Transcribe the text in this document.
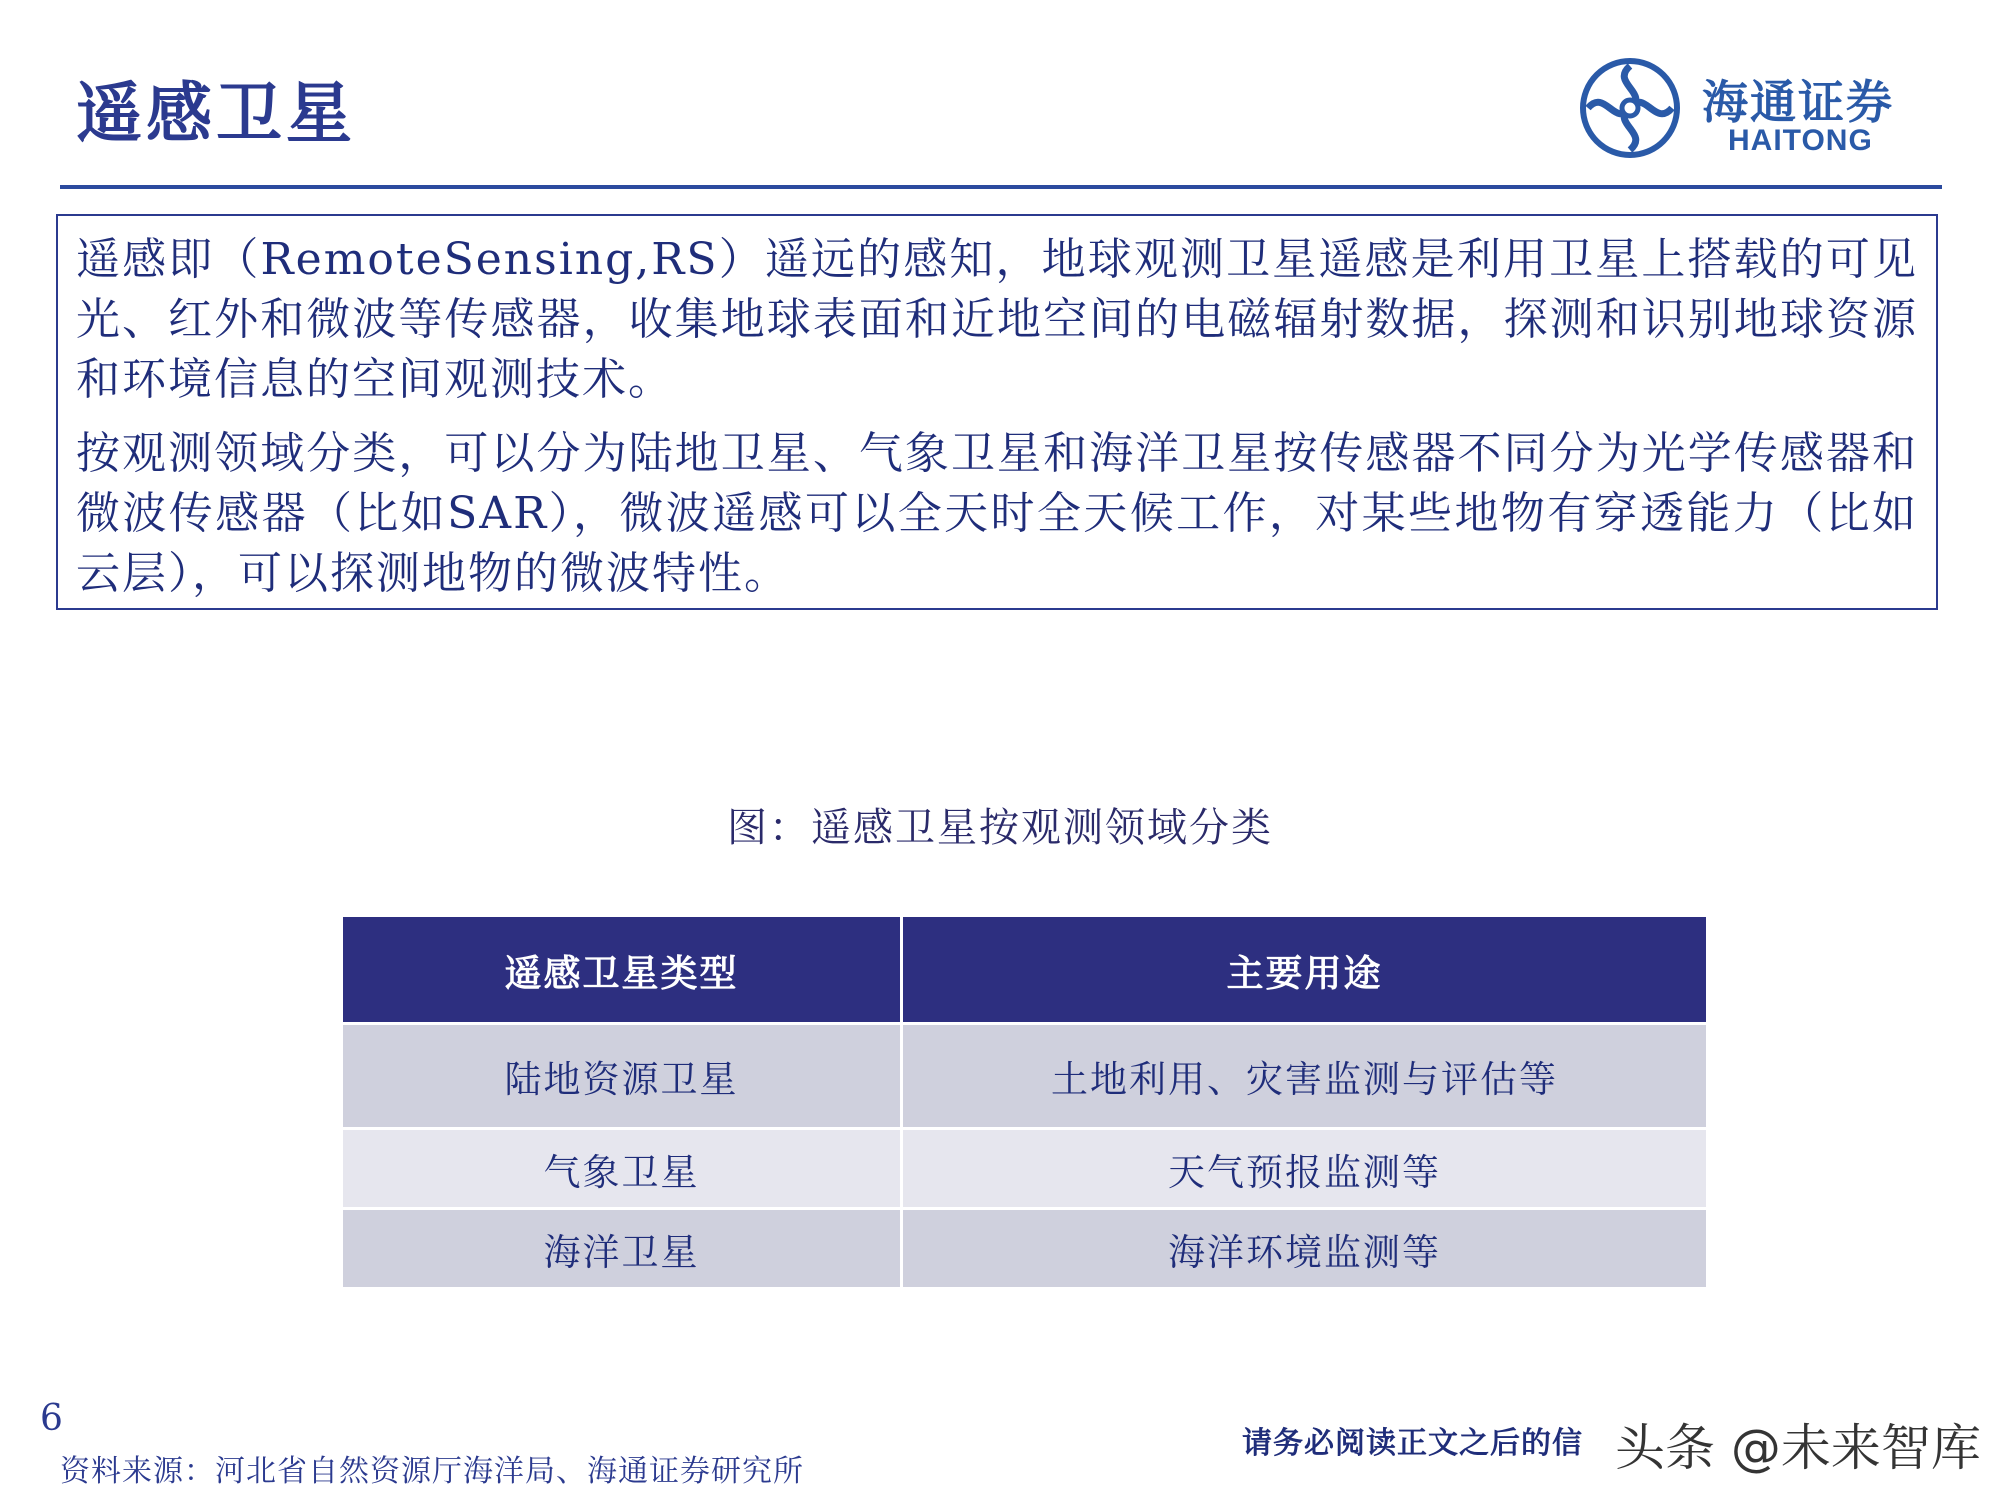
遥感卫星	海通证券
HAITONG

遥感即（RemoteSensing,RS）遥远的感知，地球观测卫星遥感是利用卫星上搭载的可见光、红外和微波等传感器，收集地球表面和近地空间的电磁辐射数据，探测和识别地球资源和环境信息的空间观测技术。

按观测领域分类，可以分为陆地卫星、气象卫星和海洋卫星按传感器不同分为光学传感器和微波传感器（比如SAR），微波遥感可以全天时全天候工作，对某些地物有穿透能力（比如云层），可以探测地物的微波特性。

图：遥感卫星按观测领域分类
遥感卫星类型	主要用途
陆地资源卫星	土地利用、灾害监测与评估等
气象卫星	天气预报监测等
海洋卫星	海洋环境监测等
6
资料来源：河北省自然资源厅海洋局、海通证券研究所
请务必阅读正文之后的信 头条 @未来智库
